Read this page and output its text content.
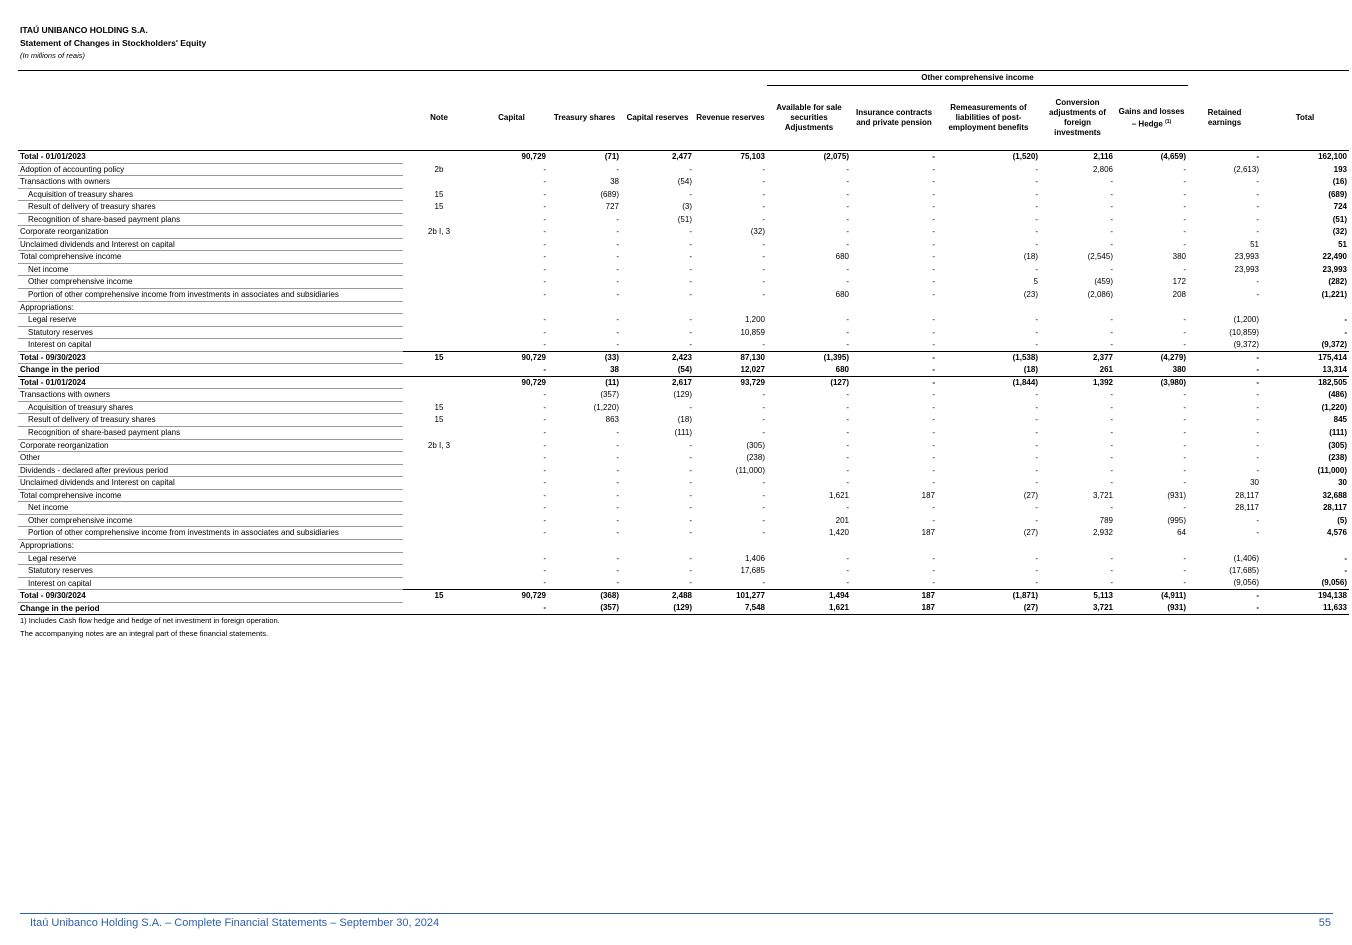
ITAÚ UNIBANCO HOLDING S.A.
Statement of Changes in Stockholders' Equity
(In millions of reais)
						Other comprehensive income						
	Note	Capital	Treasury shares	Capital reserves	Revenue reserves	Available for sale securities Adjustments	Insurance contracts and private pension	Remeasurements of liabilities of post-employment benefits	Conversion adjustments of foreign investments	Gains and losses – Hedge $^{(1)}$	Retained earnings	Total
Total - 01/01/2023		90,729	(71)	2,477	75,103	(2,075)	-	(1,520)	2,116	(4,659)	-	162,100
Adoption of accounting policy	2b	-	-	-	-	-	-	-	2,806	-	(2,613)	193
Transactions with owners		-	38	(54)	-	-	-	-	-	-	-	(16)
Acquisition of treasury shares	15	-	(689)	-	-	-	-	-	-	-	-	(689)
Result of delivery of treasury shares	15	-	727	(3)	-	-	-	-	-	-	-	724
Recognition of share-based payment plans		-	-	(51)	-	-	-	-	-	-	-	(51)
Corporate reorganization	2b I, 3	-	-	-	(32)	-	-	-	-	-	-	(32)
Unclaimed dividends and Interest on capital		-	-	-	-	-	-	-	-	-	51	51
Total comprehensive income		-	-	-	-	680	-	(18)	(2,545)	380	23,993	22,490
Net income		-	-	-	-	-	-	-	-	-	23,993	23,993
Other comprehensive income		-	-	-	-	-	-	5	(459)	172	-	(282)
Portion of other comprehensive income from investments in associates and subsidiaries		-	-	-	-	680	-	(23)	(2,086)	208	-	(1,221)
Appropriations:												
Legal reserve		-	-	-	1,200	-	-	-	-	-	(1,200)	-
Statutory reserves		-	-	-	10,859	-	-	-	-	-	(10,859)	-
Interest on capital		-	-	-	-	-	-	-	-	-	(9,372)	(9,372)
Total - 09/30/2023	15	90,729	(33)	2,423	87,130	(1,395)	-	(1,538)	2,377	(4,279)	-	175,414
Change in the period		-	38	(54)	12,027	680	-	(18)	261	380	-	13,314
Total - 01/01/2024		90,729	(11)	2,617	93,729	(127)	-	(1,844)	1,392	(3,980)	-	182,505
Transactions with owners		-	(357)	(129)	-	-	-	-	-	-	-	(486)
Acquisition of treasury shares	15	-	(1,220)	-	-	-	-	-	-	-	-	(1,220)
Result of delivery of treasury shares	15	-	863	(18)	-	-	-	-	-	-	-	845
Recognition of share-based payment plans		-	-	(111)	-	-	-	-	-	-	-	(111)
Corporate reorganization	2b I, 3	-	-	-	(305)	-	-	-	-	-	-	(305)
Other		-	-	-	(238)	-	-	-	-	-	-	(238)
Dividends - declared after previous period		-	-	-	(11,000)	-	-	-	-	-	-	(11,000)
Unclaimed dividends and Interest on capital		-	-	-	-	-	-	-	-	-	30	30
Total comprehensive income		-	-	-	-	1,621	187	(27)	3,721	(931)	28,117	32,688
Net income		-	-	-	-	-	-	-	-	-	28,117	28,117
Other comprehensive income		-	-	-	-	201	-	-	789	(995)	-	(5)
Portion of other comprehensive income from investments in associates and subsidiaries		-	-	-	-	1,420	187	(27)	2,932	64	-	4,576
Appropriations:												
Legal reserve		-	-	-	1,406	-	-	-	-	-	(1,406)	-
Statutory reserves		-	-	-	17,685	-	-	-	-	-	(17,685)	-
Interest on capital		-	-	-	-	-	-	-	-	-	(9,056)	(9,056)
Total - 09/30/2024	15	90,729	(368)	2,488	101,277	1,494	187	(1,871)	5,113	(4,911)	-	194,138
Change in the period		-	(357)	(129)	7,548	1,621	187	(27)	3,721	(931)	-	11,633
1) Includes Cash flow hedge and hedge of net investment in foreign operation.
The accompanying notes are an integral part of these financial statements.
Itaú Unibanco Holding S.A. – Complete Financial Statements – September 30, 2024	55
